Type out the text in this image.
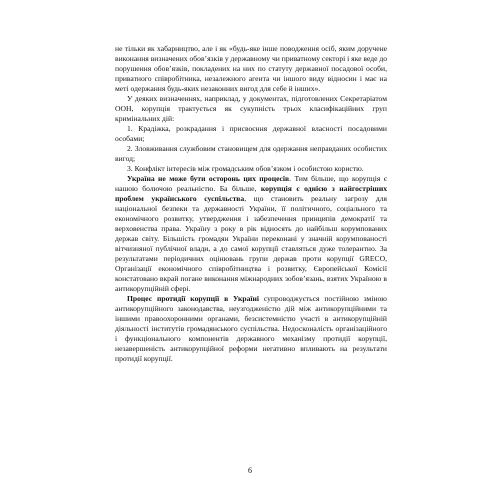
не тільки як хабарництво, але і як «будь-яке інше поводження осіб, яким доручене виконання визначених обов’язків у державному чи приватному секторі і яке веде до порушення обов’язків, покладених на них по статуту державної посадової особи, приватного співробітника, незалежного агента чи іншого виду відносин і має на меті одержання будь-яких незаконних вигод для себе й інших».

У деяких визначеннях, наприклад, у документах, підготовлених Секретаріатом ООН, корупція трактується як сукупність трьох класифікаційних груп кримінальних дій:

1. Крадіжка, розкрадання і присвоєння державної власності посадовими особами;

2. Зловживання службовим становищем для одержання неправданих особистих вигод;

3. Конфлікт інтересів між громадським обов’язком і особистою користю.

Україна не може бути осторонь цих процесів. Тим більше, що корупція є нашою болючою реальністю. Ба більше, корупція є однією з найгостріших проблем українського суспільства, що становить реальну загрозу для національної безпеки та державності України, її політичного, соціального та економічного розвитку, утвердження і забезпечення принципів демократії та верховенства права. Україну з року в рік відносять до найбільш корумпованих держав світу. Більшість громадян України переконані у значній корумпованості вітчизняної публічної влади, а до самої корупції ставляться дуже толерантно. За результатами періодичних оцінювань групи держав проти корупції GRECO, Організації економічного співробітництва і розвитку, Європейської Комісії констатовано вкрай погане виконання міжнародних зобов’язань, взятих Україною в антикорупційній сфері.

Процес протидії корупції в Україні супроводжується постійною зміною антикорупційного законодавства, неузгодженістю дій між антикорупційними та іншими правоохоронними органами, безсистемністю участі в антикорупційній діяльності інститутів громадянського суспільства. Недосконалість організаційного і функціонального компонентів державного механізму протидії корупції, незавершеність антикорупційної реформи негативно впливають на результати протидії корупції.

6
